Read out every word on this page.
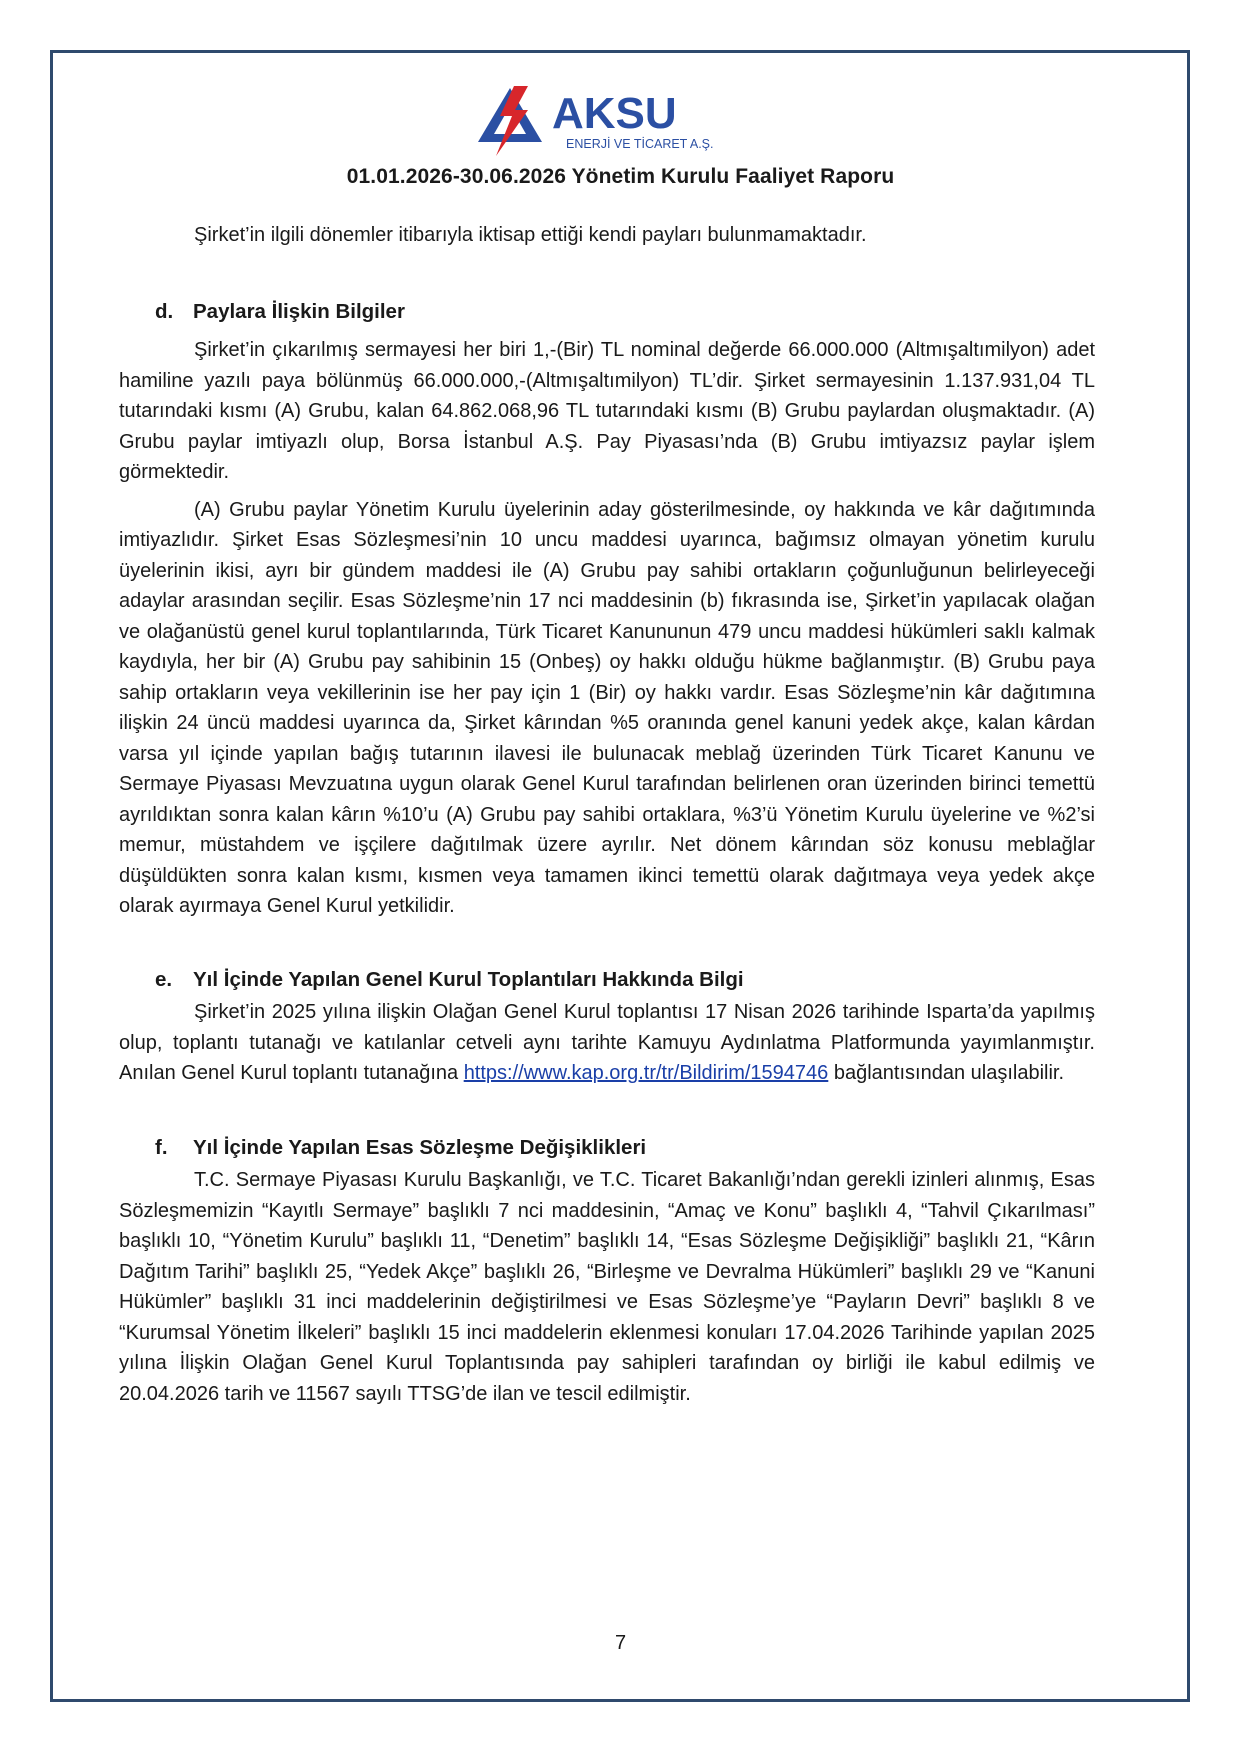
AKSU
ENERJİ VE TİCARET A.Ş.
01.01.2026-30.06.2026 Yönetim Kurulu Faaliyet Raporu

Şirket’in ilgili dönemler itibarıyla iktisap ettiği kendi payları bulunmamaktadır.

d. Paylara İlişkin Bilgiler

Şirket’in çıkarılmış sermayesi her biri 1,-(Bir) TL nominal değerde 66.000.000 (Altmışaltımilyon) adet hamiline yazılı paya bölünmüş 66.000.000,-(Altmışaltımilyon) TL’dir. Şirket sermayesinin 1.137.931,04 TL tutarındaki kısmı (A) Grubu, kalan 64.862.068,96 TL tutarındaki kısmı (B) Grubu paylardan oluşmaktadır. (A) Grubu paylar imtiyazlı olup, Borsa İstanbul A.Ş. Pay Piyasası’nda (B) Grubu imtiyazsız paylar işlem görmektedir.

(A) Grubu paylar Yönetim Kurulu üyelerinin aday gösterilmesinde, oy hakkında ve kâr dağıtımında imtiyazlıdır. Şirket Esas Sözleşmesi’nin 10 uncu maddesi uyarınca, bağımsız olmayan yönetim kurulu üyelerinin ikisi, ayrı bir gündem maddesi ile (A) Grubu pay sahibi ortakların çoğunluğunun belirleyeceği adaylar arasından seçilir. Esas Sözleşme’nin 17 nci maddesinin (b) fıkrasında ise, Şirket’in yapılacak olağan ve olağanüstü genel kurul toplantılarında, Türk Ticaret Kanununun 479 uncu maddesi hükümleri saklı kalmak kaydıyla, her bir (A) Grubu pay sahibinin 15 (Onbeş) oy hakkı olduğu hükme bağlanmıştır. (B) Grubu paya sahip ortakların veya vekillerinin ise her pay için 1 (Bir) oy hakkı vardır. Esas Sözleşme’nin kâr dağıtımına ilişkin 24 üncü maddesi uyarınca da, Şirket kârından %5 oranında genel kanuni yedek akçe, kalan kârdan varsa yıl içinde yapılan bağış tutarının ilavesi ile bulunacak meblağ üzerinden Türk Ticaret Kanunu ve Sermaye Piyasası Mevzuatına uygun olarak Genel Kurul tarafından belirlenen oran üzerinden birinci temettü ayrıldıktan sonra kalan kârın %10’u (A) Grubu pay sahibi ortaklara, %3’ü Yönetim Kurulu üyelerine ve %2’si memur, müstahdem ve işçilere dağıtılmak üzere ayrılır. Net dönem kârından söz konusu meblağlar düşüldükten sonra kalan kısmı, kısmen veya tamamen ikinci temettü olarak dağıtmaya veya yedek akçe olarak ayırmaya Genel Kurul yetkilidir.

e. Yıl İçinde Yapılan Genel Kurul Toplantıları Hakkında Bilgi

Şirket’in 2025 yılına ilişkin Olağan Genel Kurul toplantısı 17 Nisan 2026 tarihinde Isparta’da yapılmış olup, toplantı tutanağı ve katılanlar cetveli aynı tarihte Kamuyu Aydınlatma Platformunda yayımlanmıştır. Anılan Genel Kurul toplantı tutanağına https://www.kap.org.tr/tr/Bildirim/1594746 bağlantısından ulaşılabilir.

f. Yıl İçinde Yapılan Esas Sözleşme Değişiklikleri

T.C. Sermaye Piyasası Kurulu Başkanlığı, ve T.C. Ticaret Bakanlığı’ndan gerekli izinleri alınmış, Esas Sözleşmemizin “Kayıtlı Sermaye” başlıklı 7 nci maddesinin, “Amaç ve Konu” başlıklı 4, “Tahvil Çıkarılması” başlıklı 10, “Yönetim Kurulu” başlıklı 11, “Denetim” başlıklı 14, “Esas Sözleşme Değişikliği” başlıklı 21, “Kârın Dağıtım Tarihi” başlıklı 25, “Yedek Akçe” başlıklı 26, “Birleşme ve Devralma Hükümleri” başlıklı 29 ve “Kanuni Hükümler” başlıklı 31 inci maddelerinin değiştirilmesi ve Esas Sözleşme’ye “Payların Devri” başlıklı 8 ve “Kurumsal Yönetim İlkeleri” başlıklı 15 inci maddelerin eklenmesi konuları 17.04.2026 Tarihinde yapılan 2025 yılına İlişkin Olağan Genel Kurul Toplantısında pay sahipleri tarafından oy birliği ile kabul edilmiş ve 20.04.2026 tarih ve 11567 sayılı TTSG’de ilan ve tescil edilmiştir.

7
